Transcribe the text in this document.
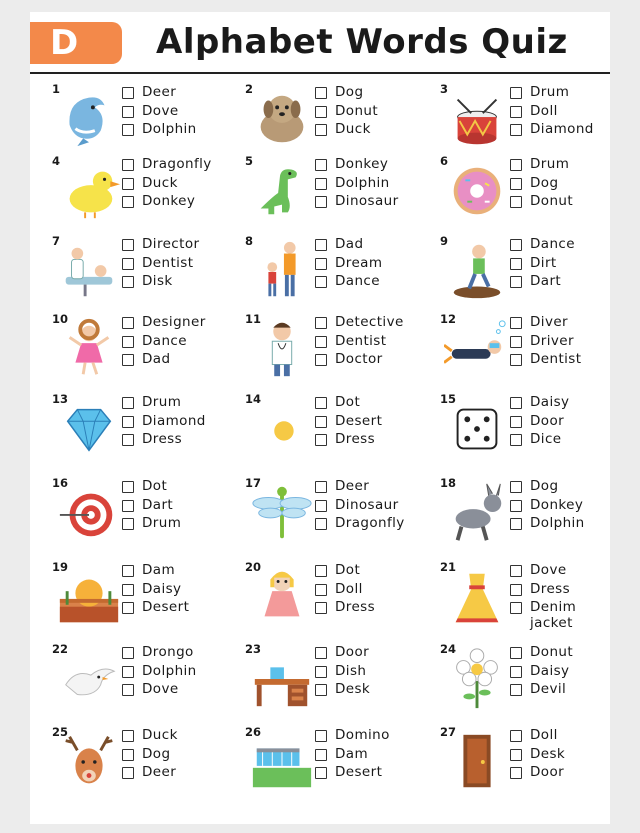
D	Alphabet Words Quiz
1	Deer
Dove
Dolphin
2	Dog
Donut
Duck
3	Drum
Doll
Diamond
4	Dragonfly
Duck
Donkey
5	Donkey
Dolphin
Dinosaur
6	Drum
Dog
Donut
7	Director
Dentist
Disk
8	Dad
Dream
Dance
9	Dance
Dirt
Dart
10	Designer
Dance
Dad
11	Detective
Dentist
Doctor
12	Diver
Driver
Dentist
13	Drum
Diamond
Dress
14	Dot
Desert
Dress
15	Daisy
Door
Dice
16	Dot
Dart
Drum
17	Deer
Dinosaur
Dragonfly
18	Dog
Donkey
Dolphin
19	Dam
Daisy
Desert
20	Dot
Doll
Dress
21	Dove
Dress
Denim
jacket
22	Drongo
Dolphin
Dove
23	Door
Dish
Desk
24	Donut
Daisy
Devil
25	Duck
Dog
Deer
26	Domino
Dam
Desert
27	Doll
Desk
Door
